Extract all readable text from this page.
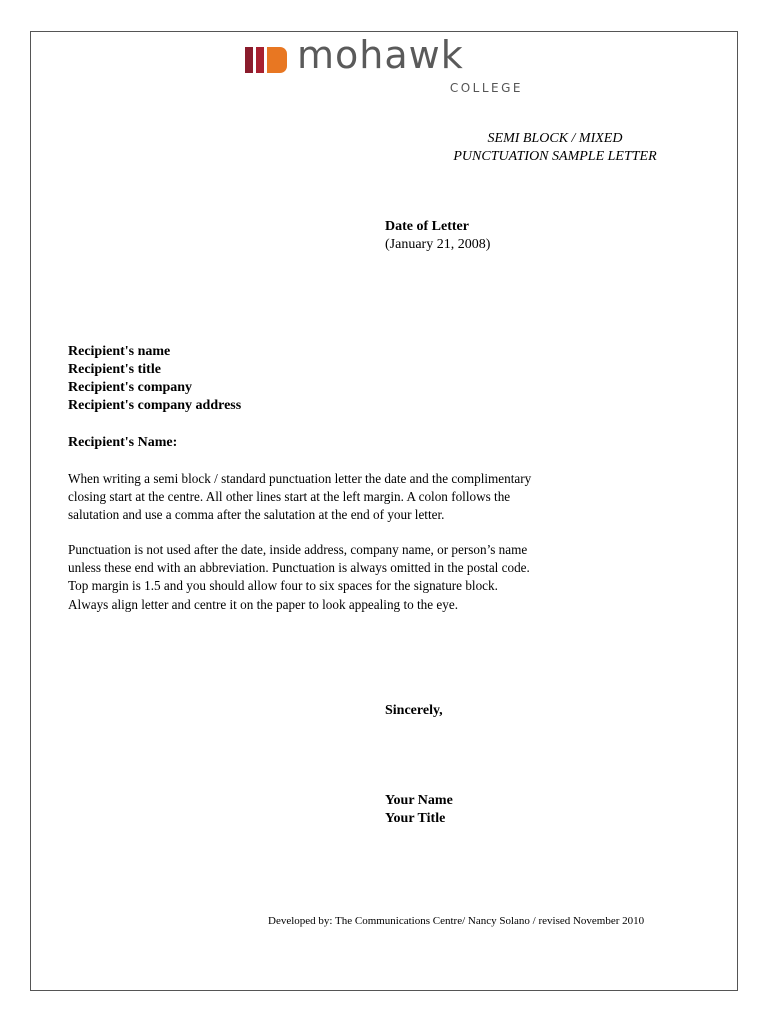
mohawk
COLLEGE
SEMI BLOCK / MIXED
PUNCTUATION SAMPLE LETTER
Date of Letter
(January 21, 2008)
Recipient's name
Recipient's title
Recipient's company
Recipient's company address
Recipient's Name:
When writing a semi block / standard punctuation letter the date and the complimentary
closing start at the centre. All other lines start at the left margin. A colon follows the
salutation and use a comma after the salutation at the end of your letter.
Punctuation is not used after the date, inside address, company name, or person’s name
unless these end with an abbreviation. Punctuation is always omitted in the postal code.
Top margin is 1.5 and you should allow four to six spaces for the signature block.
Always align letter and centre it on the paper to look appealing to the eye.
Sincerely,
Your Name
Your Title
Developed by: The Communications Centre/ Nancy Solano / revised November 2010
